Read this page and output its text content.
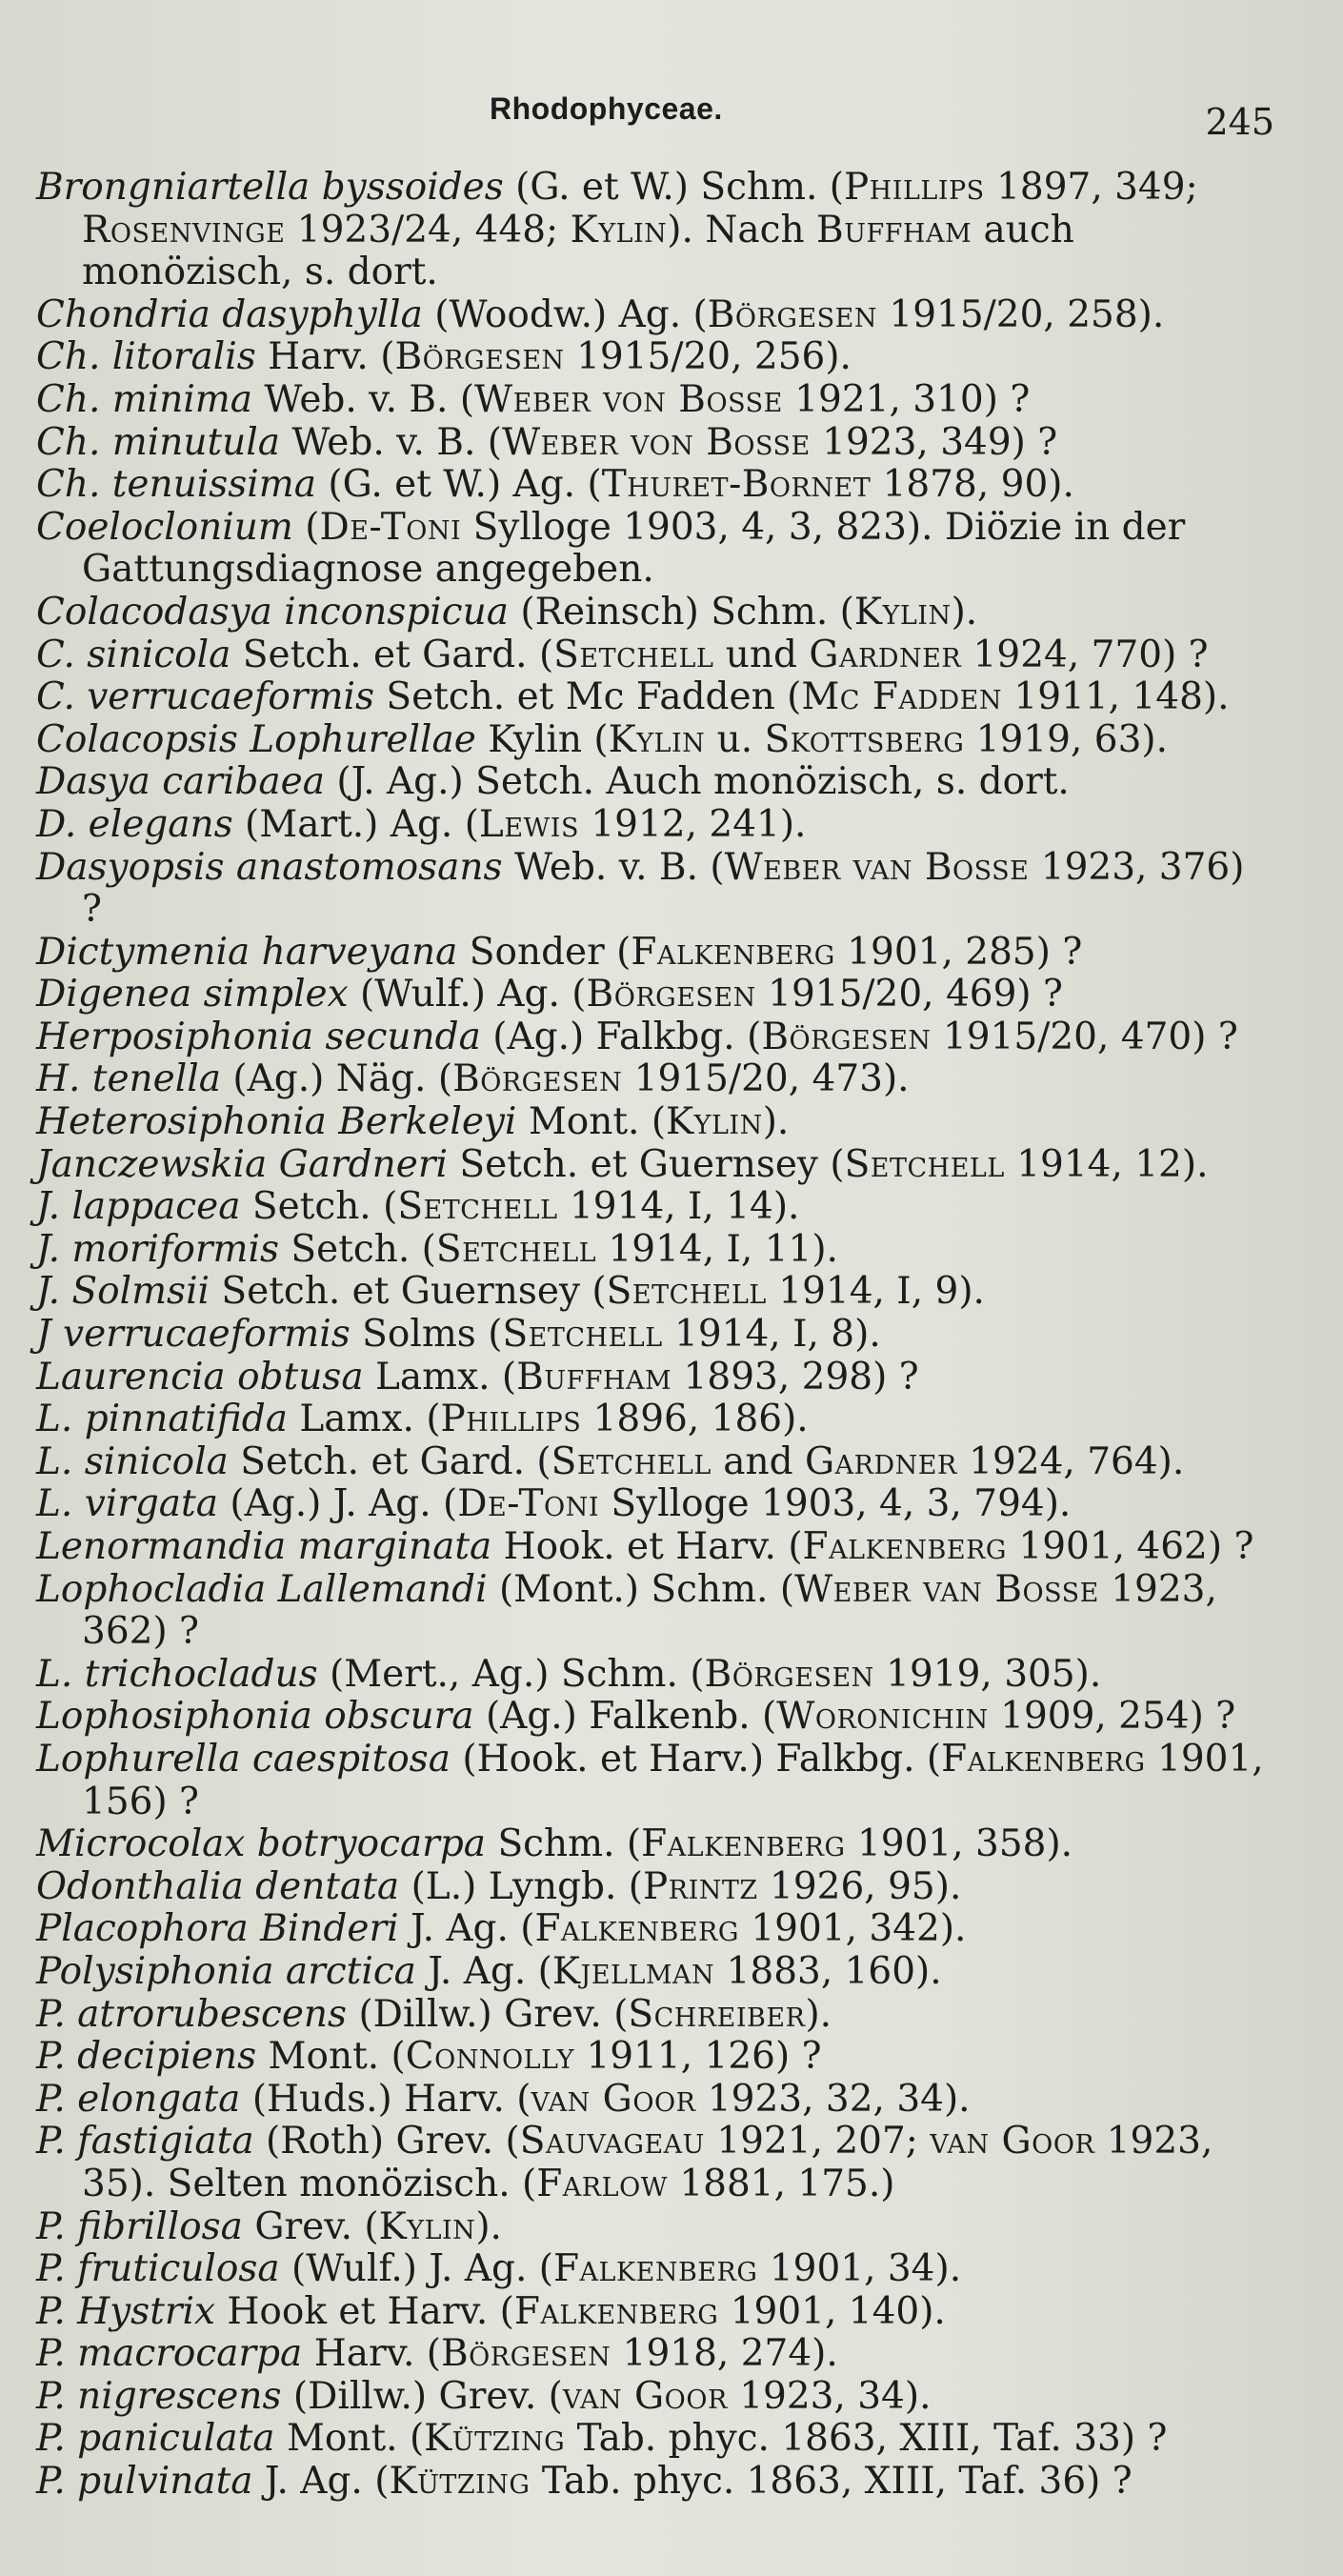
Rhodophyceae.	245

Brongniartella byssoides (G. et W.) Schm. (Phillips 1897, 349; Rosenvinge 1923/24, 448; Kylin). Nach Buffham auch monözisch, s. dort.

Chondria dasyphylla (Woodw.) Ag. (Börgesen 1915/20, 258).

Ch. litoralis Harv. (Börgesen 1915/20, 256).

Ch. minima Web. v. B. (Weber von Bosse 1921, 310) ?

Ch. minutula Web. v. B. (Weber von Bosse 1923, 349) ?

Ch. tenuissima (G. et W.) Ag. (Thuret-Bornet 1878, 90).

Coeloclonium (De-Toni Sylloge 1903, 4, 3, 823). Diözie in der Gattungsdiagnose angegeben.

Colacodasya inconspicua (Reinsch) Schm. (Kylin).

C. sinicola Setch. et Gard. (Setchell und Gardner 1924, 770) ?

C. verrucaeformis Setch. et Mc Fadden (Mc Fadden 1911, 148).

Colacopsis Lophurellae Kylin (Kylin u. Skottsberg 1919, 63).

Dasya caribaea (J. Ag.) Setch. Auch monözisch, s. dort.

D. elegans (Mart.) Ag. (Lewis 1912, 241).

Dasyopsis anastomosans Web. v. B. (Weber van Bosse 1923, 376) ?

Dictymenia harveyana Sonder (Falkenberg 1901, 285) ?

Digenea simplex (Wulf.) Ag. (Börgesen 1915/20, 469) ?

Herposiphonia secunda (Ag.) Falkbg. (Börgesen 1915/20, 470) ?

H. tenella (Ag.) Näg. (Börgesen 1915/20, 473).

Heterosiphonia Berkeleyi Mont. (Kylin).

Janczewskia Gardneri Setch. et Guernsey (Setchell 1914, 12).

J. lappacea Setch. (Setchell 1914, I, 14).

J. moriformis Setch. (Setchell 1914, I, 11).

J. Solmsii Setch. et Guernsey (Setchell 1914, I, 9).

J verrucaeformis Solms (Setchell 1914, I, 8).

Laurencia obtusa Lamx. (Buffham 1893, 298) ?

L. pinnatifida Lamx. (Phillips 1896, 186).

L. sinicola Setch. et Gard. (Setchell and Gardner 1924, 764).

L. virgata (Ag.) J. Ag. (De-Toni Sylloge 1903, 4, 3, 794).

Lenormandia marginata Hook. et Harv. (Falkenberg 1901, 462) ?

Lophocladia Lallemandi (Mont.) Schm. (Weber van Bosse 1923, 362) ?

L. trichocladus (Mert., Ag.) Schm. (Börgesen 1919, 305).

Lophosiphonia obscura (Ag.) Falkenb. (Woronichin 1909, 254) ?

Lophurella caespitosa (Hook. et Harv.) Falkbg. (Falkenberg 1901, 156) ?

Microcolax botryocarpa Schm. (Falkenberg 1901, 358).

Odonthalia dentata (L.) Lyngb. (Printz 1926, 95).

Placophora Binderi J. Ag. (Falkenberg 1901, 342).

Polysiphonia arctica J. Ag. (Kjellman 1883, 160).

P. atrorubescens (Dillw.) Grev. (Schreiber).

P. decipiens Mont. (Connolly 1911, 126) ?

P. elongata (Huds.) Harv. (van Goor 1923, 32, 34).

P. fastigiata (Roth) Grev. (Sauvageau 1921, 207; van Goor 1923, 35). Selten monözisch. (Farlow 1881, 175.)

P. fibrillosa Grev. (Kylin).

P. fruticulosa (Wulf.) J. Ag. (Falkenberg 1901, 34).

P. Hystrix Hook et Harv. (Falkenberg 1901, 140).

P. macrocarpa Harv. (Börgesen 1918, 274).

P. nigrescens (Dillw.) Grev. (van Goor 1923, 34).

P. paniculata Mont. (Kützing Tab. phyc. 1863, XIII, Taf. 33) ?

P. pulvinata J. Ag. (Kützing Tab. phyc. 1863, XIII, Taf. 36) ?
